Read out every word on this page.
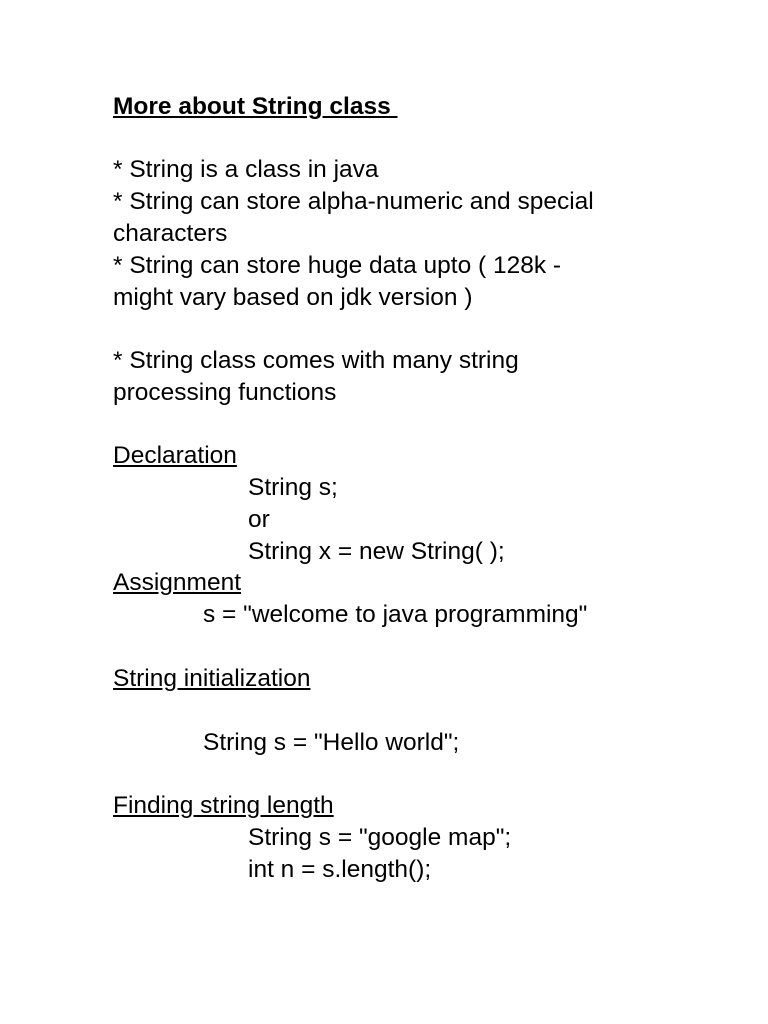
More about String class

* String is a class in java

* String can store alpha-numeric and special

characters

* String can store huge data upto ( 128k -

might vary based on jdk version )

* String class comes with many string

processing functions

Declaration

String s;

or

String x = new String( );

Assignment

s = "welcome to java programming"

String initialization

String s = "Hello world";

Finding string length

String s = "google map";

int n = s.length();
